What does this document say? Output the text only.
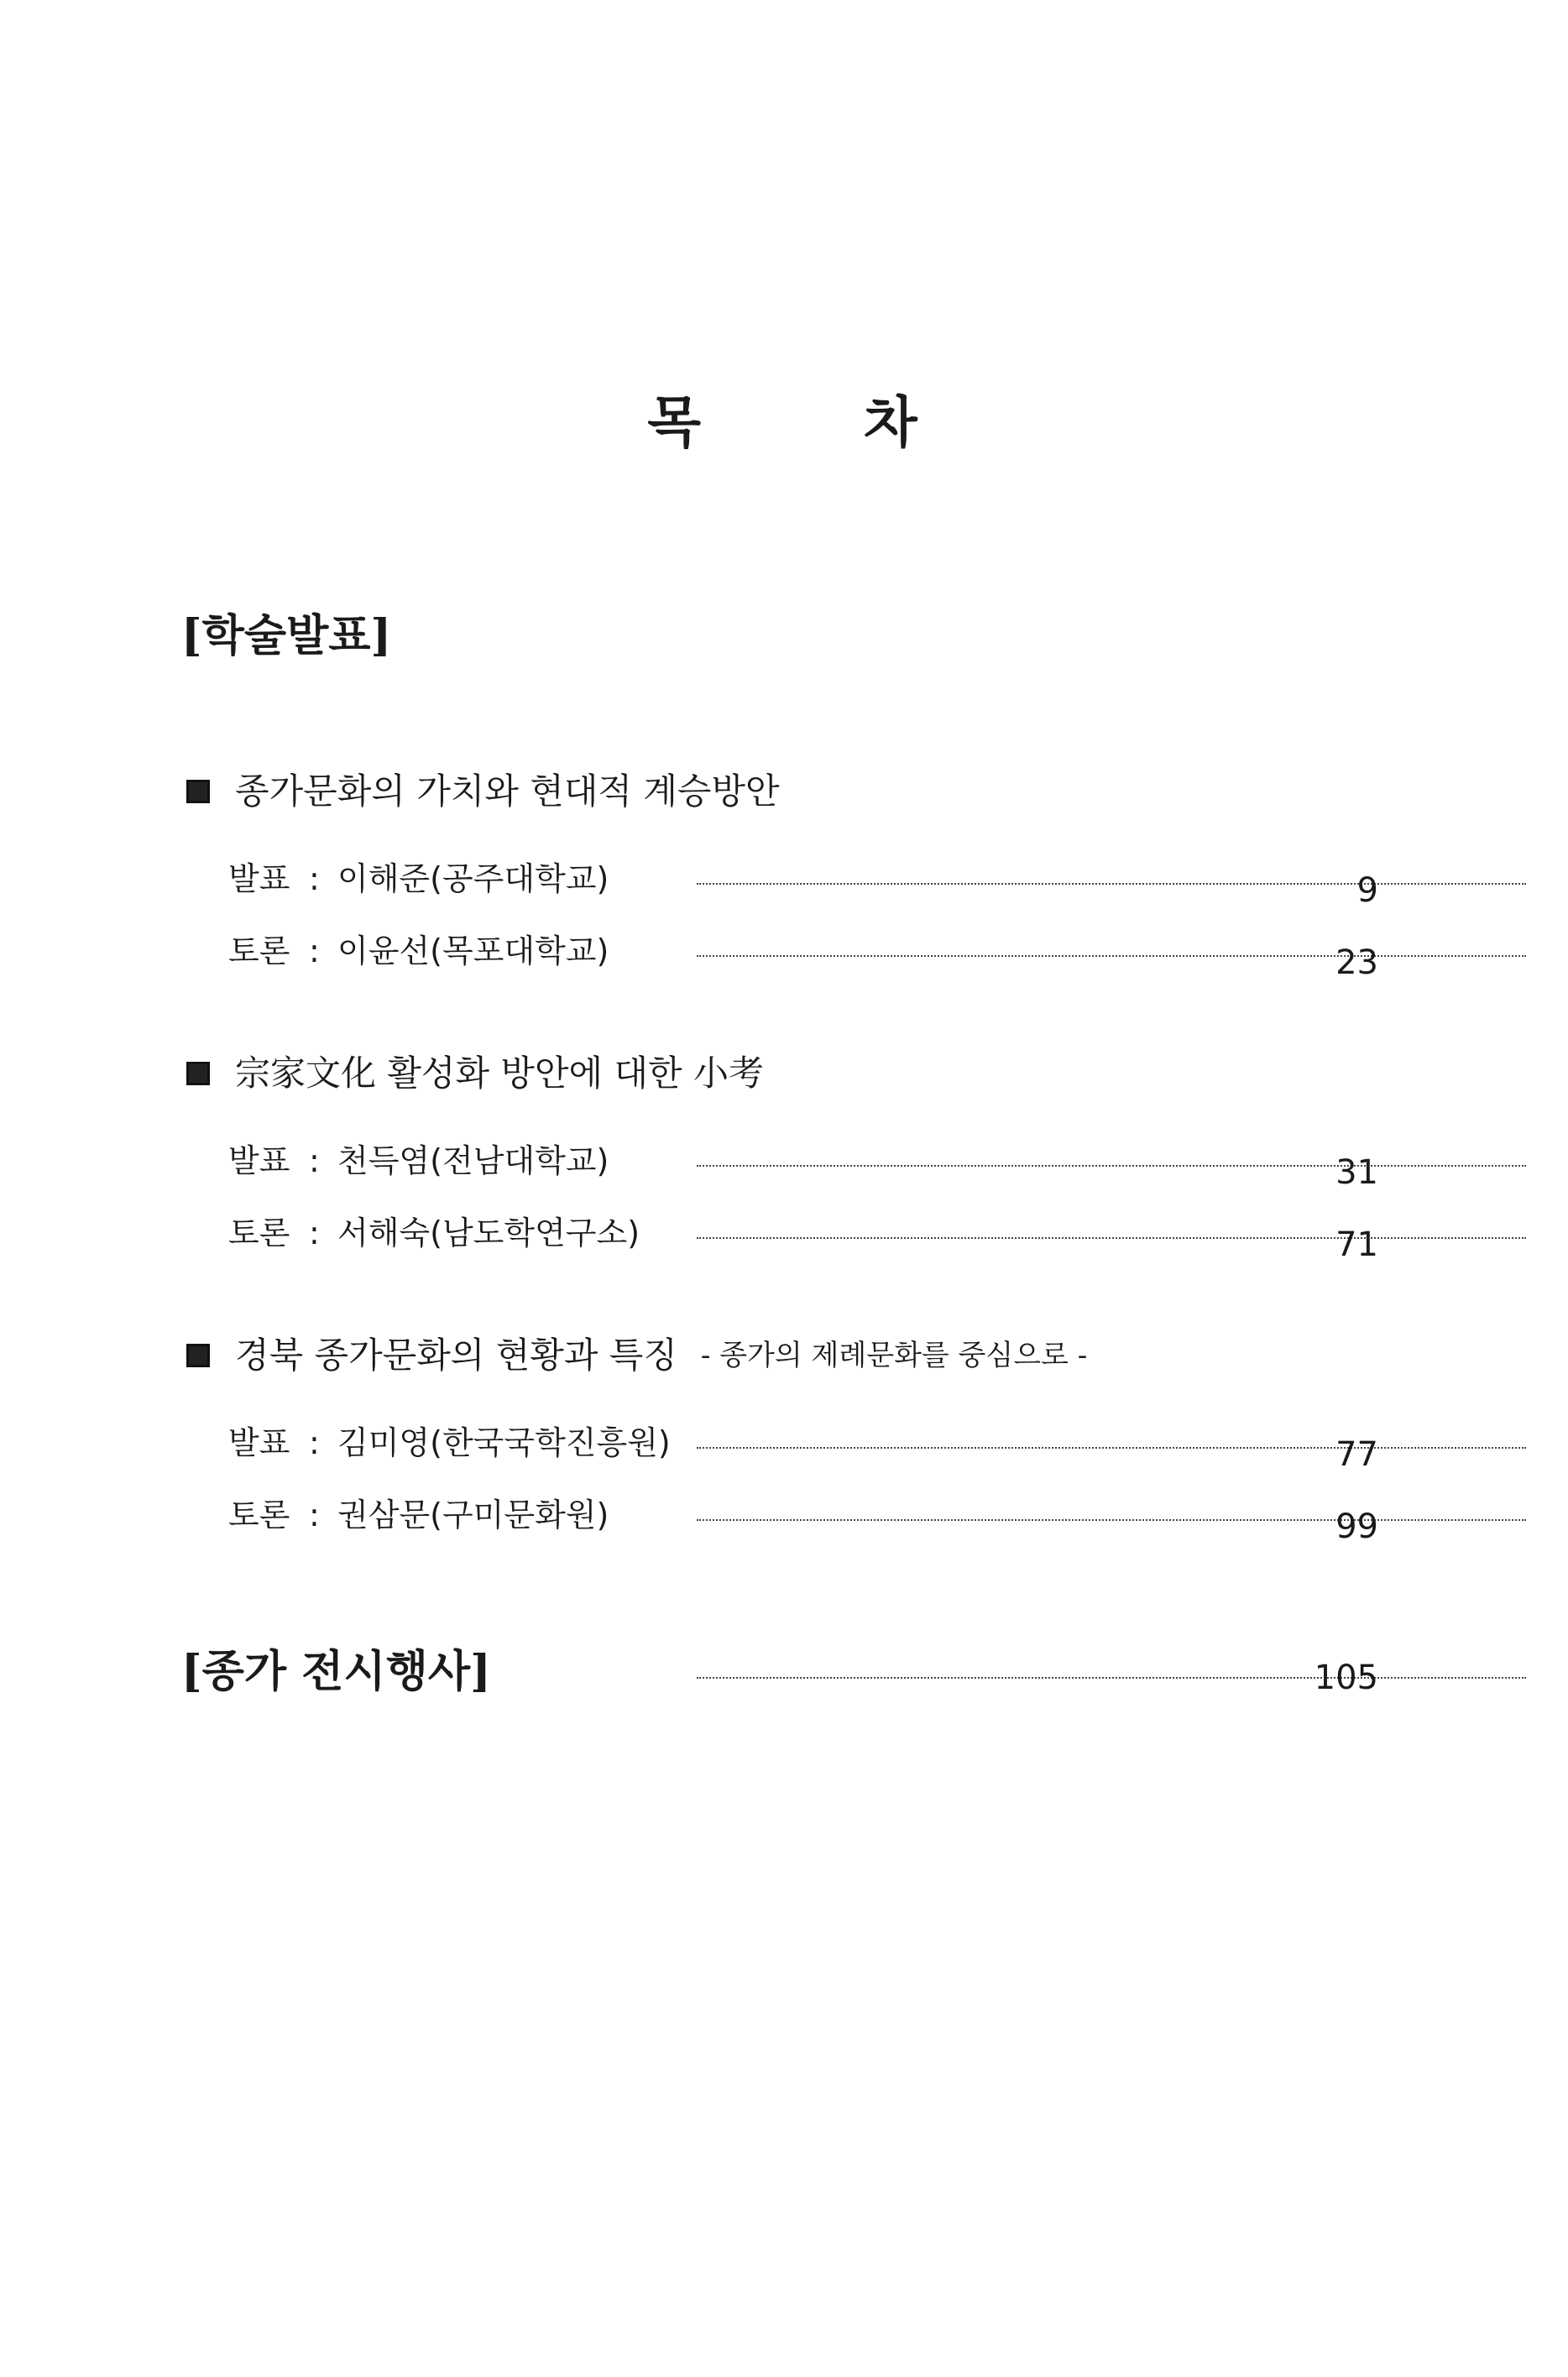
목	차
[학술발표]
종가문화의 가치와 현대적 계승방안
발표 : 이해준(공주대학교)	9
토론 : 이윤선(목포대학교)	23
宗家文化 활성화 방안에 대한 小考
발표 : 천득염(전남대학교)	31
토론 : 서해숙(남도학연구소)	71
경북 종가문화의 현황과 특징 - 종가의 제례문화를 중심으로 -
발표 : 김미영(한국국학진흥원)	77
토론 : 권삼문(구미문화원)	99
[종가 전시행사]	105
